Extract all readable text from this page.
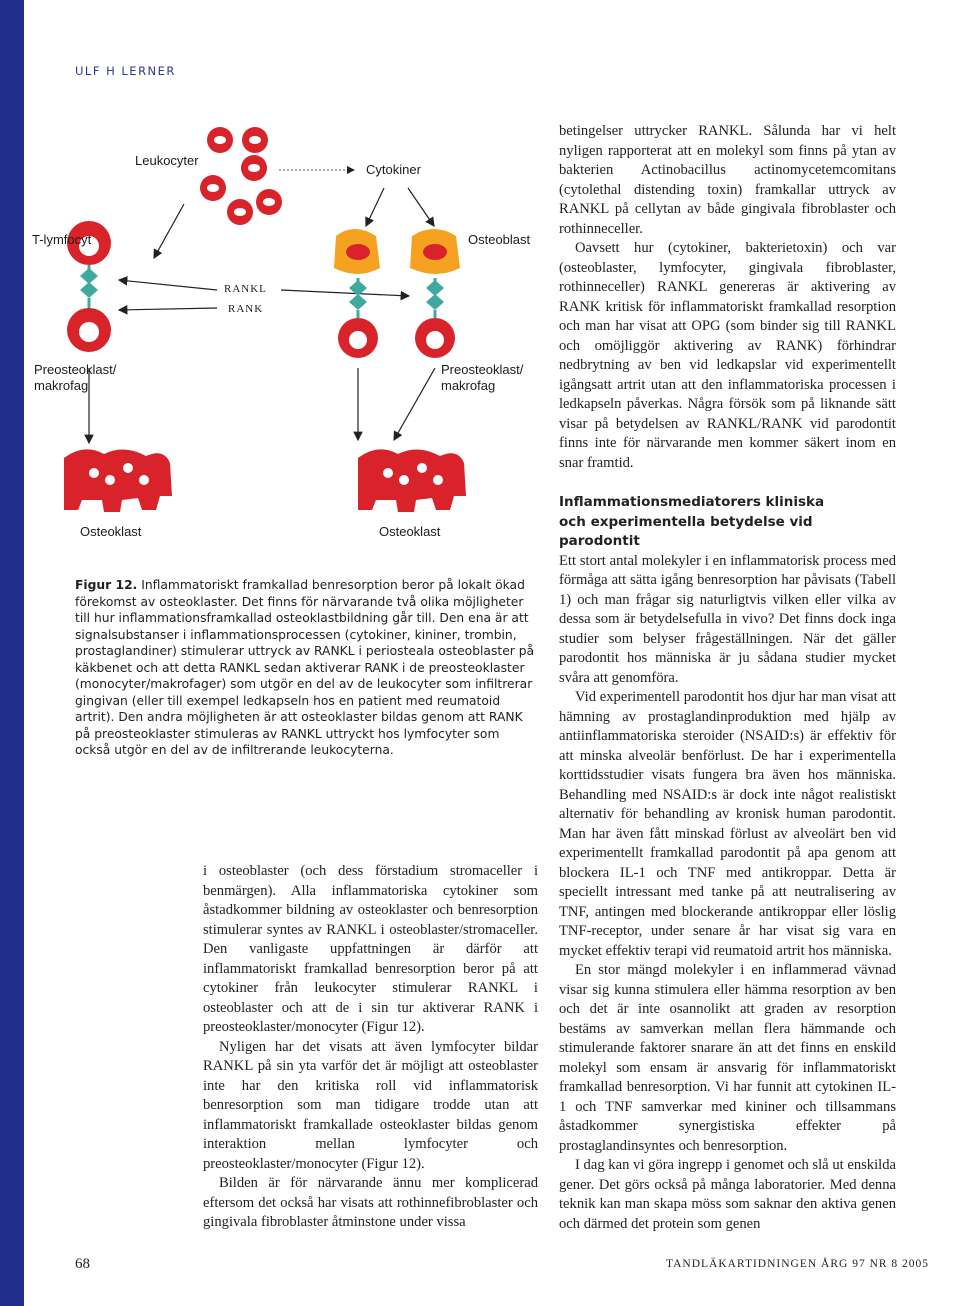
ULF H LERNER
Leukocyter
Cytokiner
T-lymfocyt	Osteoblast
RANKL
RANK
Preosteoklast/
makrofag
Preosteoklast/
makrofag
Osteoklast	Osteoklast
Figur 12. Inflammatoriskt framkallad benresorption beror på lokalt ökad förekomst av osteoklaster. Det finns för närvarande två olika möjligheter till hur inflammationsframkallad osteoklastbildning går till. Den ena är att signalsubstanser i inflammationsprocessen (cytokiner, kininer, trombin, prostaglandiner) stimulerar uttryck av RANKL i periosteala osteoblaster på käkbenet och att detta RANKL sedan aktiverar RANK i de preosteoklaster (monocyter/makrofager) som utgör en del av de leukocyter som infiltrerar gingivan (eller till exempel ledkapseln hos en patient med reumatoid artrit). Den andra möjligheten är att osteoklaster bildas genom att RANK på preosteoklaster stimuleras av RANKL uttryckt hos lymfocyter som också utgör en del av de infiltrerande leukocyterna.

i osteoblaster (och dess förstadium stromaceller i benmärgen). Alla inflammatoriska cytokiner som åstadkommer bildning av osteoklaster och benresorption stimulerar syntes av RANKL i osteoblaster/stromaceller. Den vanligaste uppfattningen är därför att inflammatoriskt framkallad benresorption beror på att cytokiner från leukocyter stimulerar RANKL i osteoblaster och att de i sin tur aktiverar RANK i preosteoklaster/monocyter (Figur 12).

Nyligen har det visats att även lymfocyter bildar RANKL på sin yta varför det är möjligt att osteoblaster inte har den kritiska roll vid inflammatorisk benresorption som man tidigare trodde utan att inflammatoriskt framkallade osteoklaster bildas genom interaktion mellan lymfocyter och preosteoklaster/monocyter (Figur 12).

Bilden är för närvarande ännu mer komplicerad eftersom det också har visats att rothinnefibroblaster och gingivala fibroblaster åtminstone under vissa

betingelser uttrycker RANKL. Sålunda har vi helt nyligen rapporterat att en molekyl som finns på ytan av bakterien Actinobacillus actinomycetemcomitans (cytolethal distending toxin) framkallar uttryck av RANKL på cellytan av både gingivala fibroblaster och rothinneceller.

Oavsett hur (cytokiner, bakterietoxin) och var (osteoblaster, lymfocyter, gingivala fibroblaster, rothinneceller) RANKL genereras är aktivering av RANK kritisk för inflammatoriskt framkallad resorption och man har visat att OPG (som binder sig till RANKL och omöjliggör aktivering av RANK) förhindrar nedbrytning av ben vid ledkapslar vid experimentellt igångsatt artrit utan att den inflammatoriska processen i ledkapseln påverkas. Några försök som på liknande sätt visar på betydelsen av RANKL/RANK vid parodontit finns inte för närvarande men kommer säkert inom en snar framtid.

Inflammationsmediatorers kliniska
och experimentella betydelse vid parodontit

Ett stort antal molekyler i en inflammatorisk process med förmåga att sätta igång benresorption har påvisats (Tabell 1) och man frågar sig naturligtvis vilken eller vilka av dessa som är betydelsefulla in vivo? Det finns dock inga studier som belyser frågeställningen. När det gäller parodontit hos människa är ju sådana studier mycket svåra att genomföra.

Vid experimentell parodontit hos djur har man visat att hämning av prostaglandinproduktion med hjälp av antiinflammatoriska steroider (NSAID:s) är effektiv för att minska alveolär benförlust. De har i experimentella korttidsstudier visats fungera bra även hos människa. Behandling med NSAID:s är dock inte något realistiskt alternativ för behandling av kronisk human parodontit. Man har även fått minskad förlust av alveolärt ben vid experimentellt framkallad parodontit på apa genom att blockera IL-1 och TNF med antikroppar. Detta är speciellt intressant med tanke på att neutralisering av TNF, antingen med blockerande antikroppar eller löslig TNF-receptor, under senare år har visat sig vara en mycket effektiv terapi vid reumatoid artrit hos människa.

En stor mängd molekyler i en inflammerad vävnad visar sig kunna stimulera eller hämma resorption av ben och det är inte osannolikt att graden av resorption bestäms av samverkan mellan flera hämmande och stimulerande faktorer snarare än att det finns en enskild molekyl som ensam är ansvarig för inflammatoriskt framkallad benresorption. Vi har funnit att cytokinen IL-1 och TNF samverkar med kininer och tillsammans åstadkommer synergistiska effekter på prostaglandinsyntes och benresorption.

I dag kan vi göra ingrepp i genomet och slå ut enskilda gener. Det görs också på många laboratorier. Med denna teknik kan man skapa möss som saknar den aktiva genen och därmed det protein som genen

68	TANDLÄKARTIDNINGEN ÅRG 97 NR 8 2005
